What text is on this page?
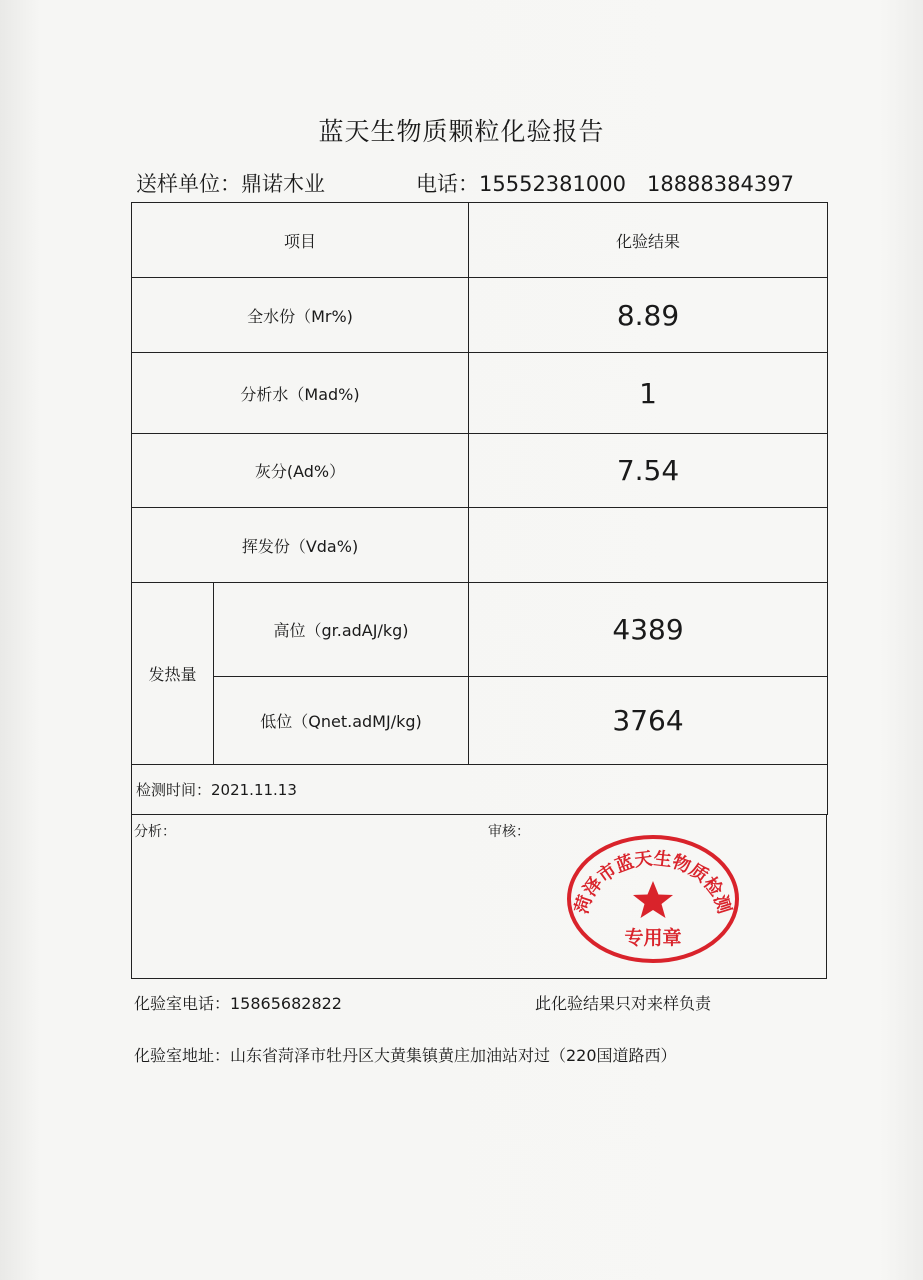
蓝天生物质颗粒化验报告
送样单位：鼎诺木业	电话：15552381000　18888384397
项目		化验结果
全水份（Mr%)		8.89
分析水（Mad%)		1
灰分(Ad%）		7.54
挥发份（Vda%)		
发热量	高位（gr.adAJ/kg)	4389
	低位（Qnet.adMJ/kg)	3764
检测时间：2021.11.13		
分析：	审核：
菏泽市蓝天生物质检测
专用章
化验室电话：15865682822	此化验结果只对来样负责
化验室地址：山东省菏泽市牡丹区大黄集镇黄庄加油站对过（220国道路西）
